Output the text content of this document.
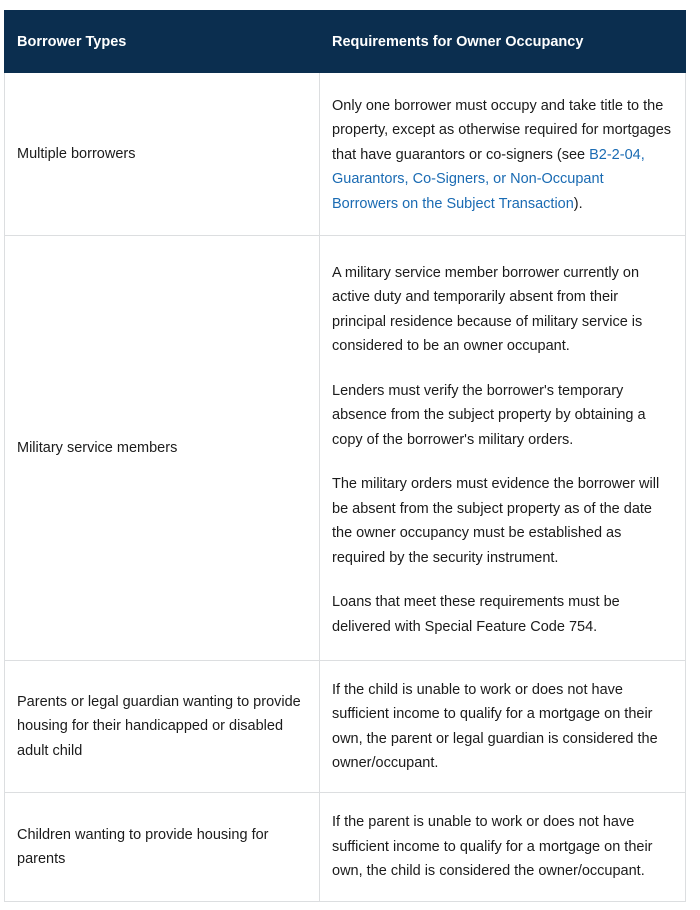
Borrower Types	Requirements for Owner Occupancy
Multiple borrowers	Only one borrower must occupy and take title to the property, except as otherwise required for mortgages that have guarantors or co-signers (see B2-2-04, Guarantors, Co-Signers, or Non-Occupant Borrowers on the Subject Transaction).

Military service members	A military service member borrower currently on active duty and temporarily absent from their principal residence because of military service is considered to be an owner occupant.

Lenders must verify the borrower's temporary absence from the subject property by obtaining a copy of the borrower's military orders.

The military orders must evidence the borrower will be absent from the subject property as of the date the owner occupancy must be established as required by the security instrument.

Loans that meet these requirements must be delivered with Special Feature Code 754.

Parents or legal guardian wanting to provide housing for their handicapped or disabled adult child	If the child is unable to work or does not have sufficient income to qualify for a mortgage on their own, the parent or legal guardian is considered the owner/occupant.
Children wanting to provide housing for parents	If the parent is unable to work or does not have sufficient income to qualify for a mortgage on their own, the child is considered the owner/occupant.
